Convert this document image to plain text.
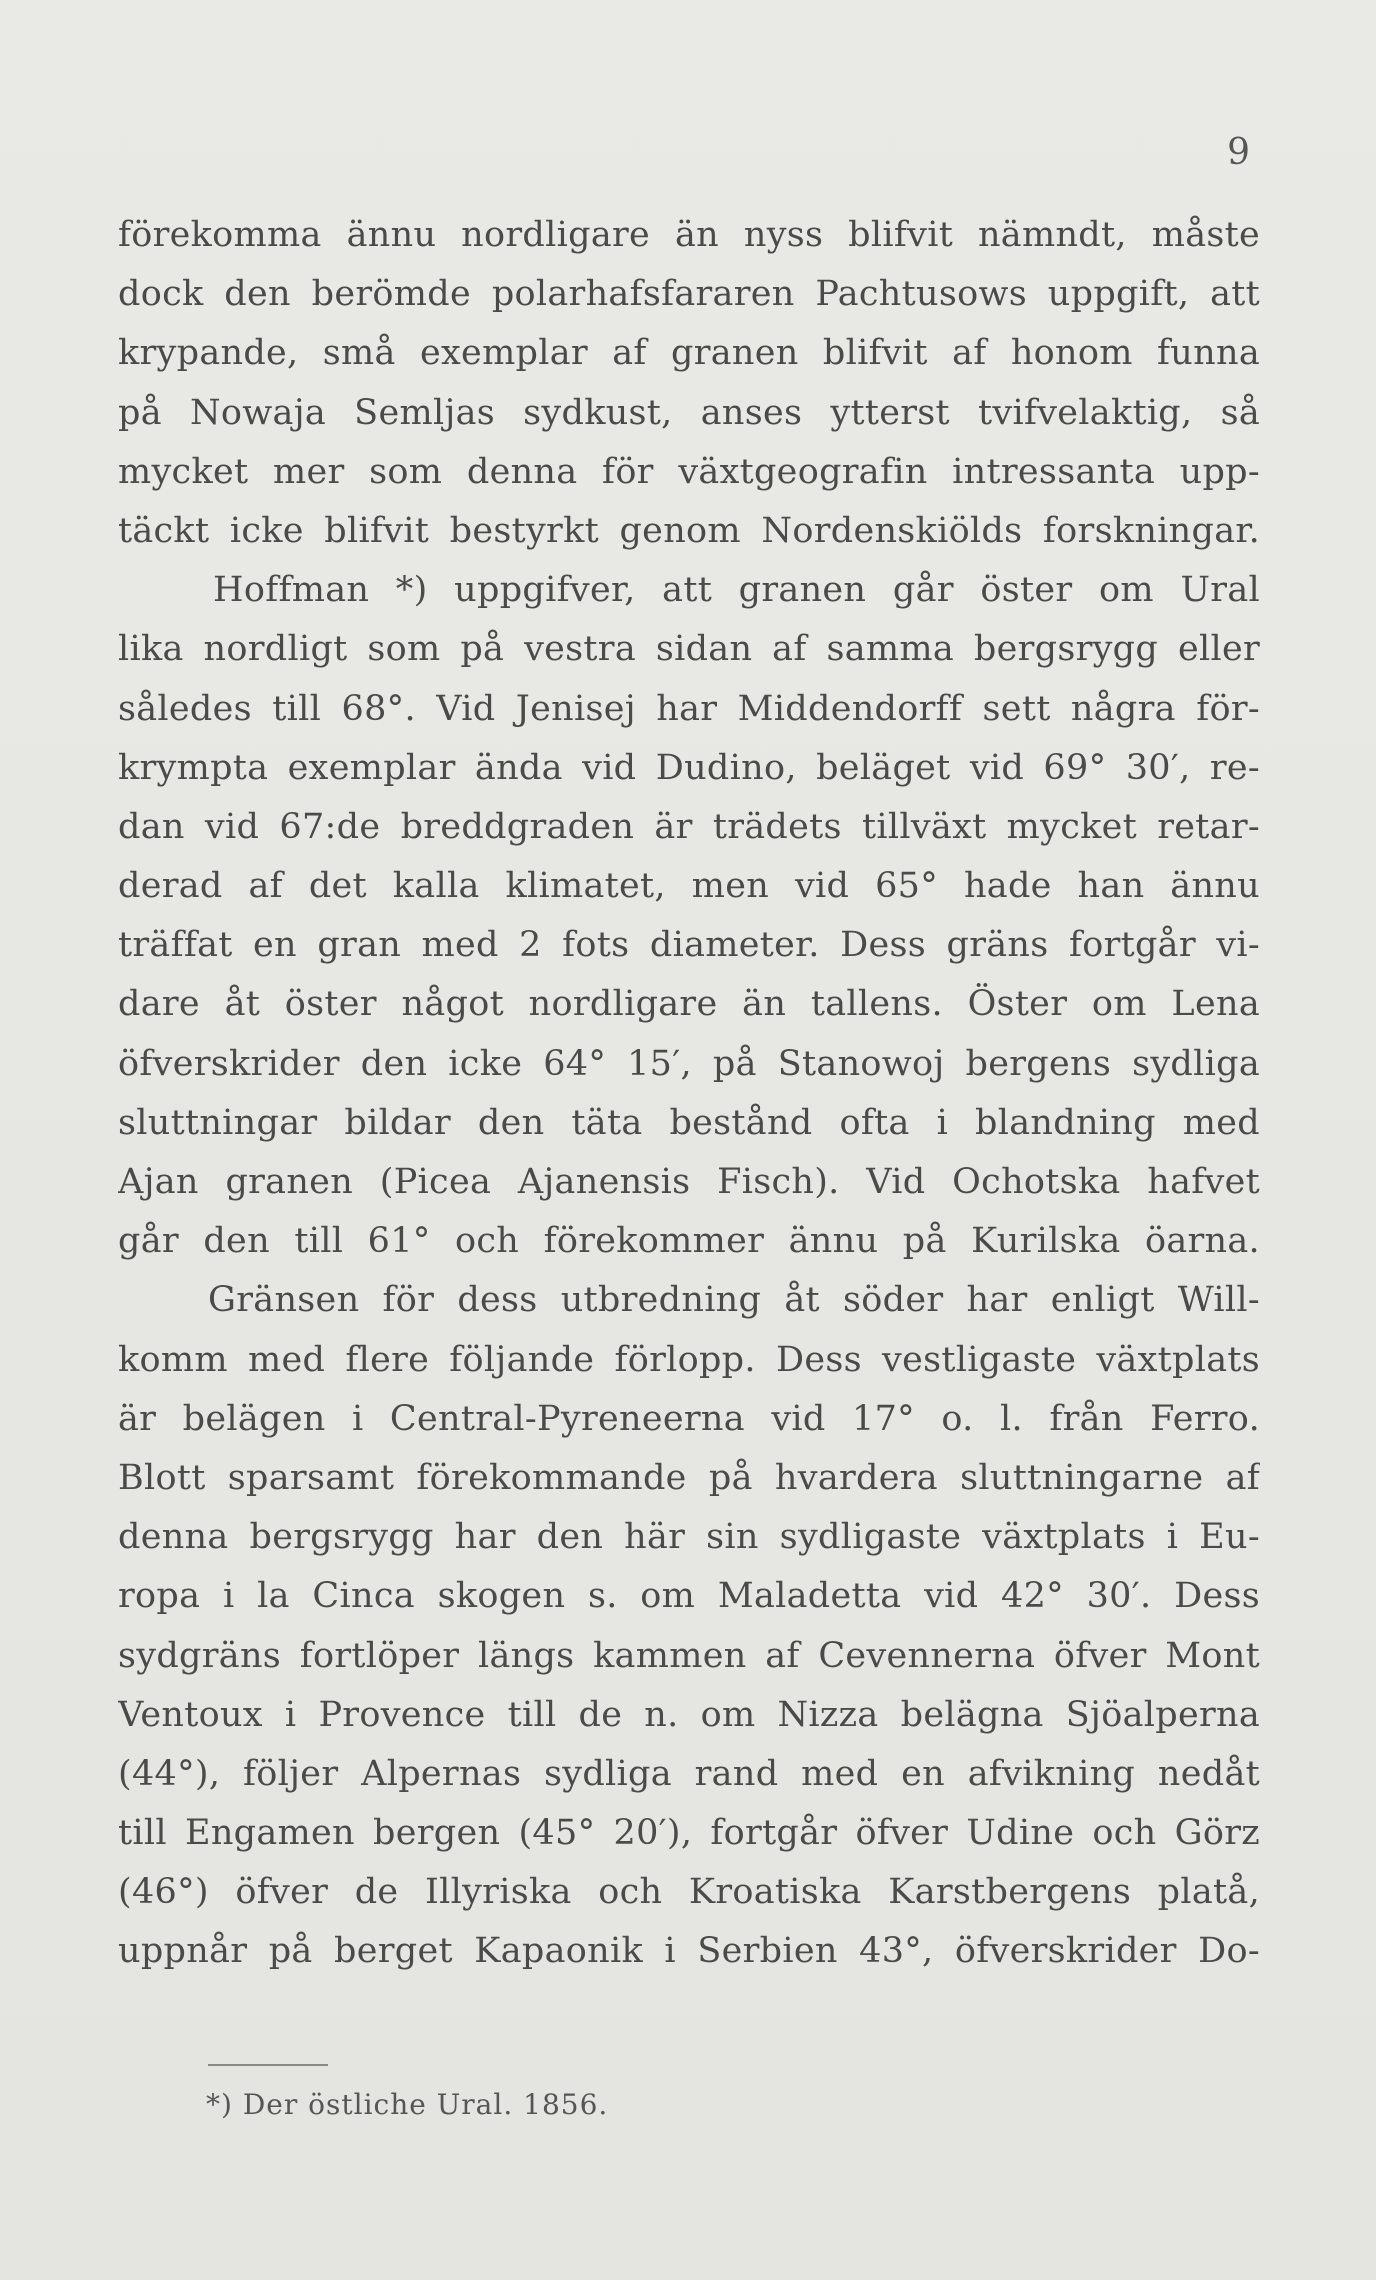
9
förekomma ännu nordligare än nyss blifvit nämndt, måste
dock den berömde polarhafsfararen Pachtusows uppgift, att
krypande, små exemplar af granen blifvit af honom funna
på Nowaja Semljas sydkust, anses ytterst tvifvelaktig, så
mycket mer som denna för växtgeografin intressanta upp-
täckt icke blifvit bestyrkt genom Nordenskiölds forskningar.
Hoffman *) uppgifver, att granen går öster om Ural
lika nordligt som på vestra sidan af samma bergsrygg eller
således till 68°. Vid Jenisej har Middendorff sett några för-
krympta exemplar ända vid Dudino, beläget vid 69° 30′, re-
dan vid 67:de breddgraden är trädets tillväxt mycket retar-
derad af det kalla klimatet, men vid 65° hade han ännu
träffat en gran med 2 fots diameter. Dess gräns fortgår vi-
dare åt öster något nordligare än tallens. Öster om Lena
öfverskrider den icke 64° 15′, på Stanowoj bergens sydliga
sluttningar bildar den täta bestånd ofta i blandning med
Ajan granen (Picea Ajanensis Fisch). Vid Ochotska hafvet
går den till 61° och förekommer ännu på Kurilska öarna.
Gränsen för dess utbredning åt söder har enligt Will-
komm med flere följande förlopp. Dess vestligaste växtplats
är belägen i Central-Pyreneerna vid 17° o. l. från Ferro.
Blott sparsamt förekommande på hvardera sluttningarne af
denna bergsrygg har den här sin sydligaste växtplats i Eu-
ropa i la Cinca skogen s. om Maladetta vid 42° 30′. Dess
sydgräns fortlöper längs kammen af Cevennerna öfver Mont
Ventoux i Provence till de n. om Nizza belägna Sjöalperna
(44°), följer Alpernas sydliga rand med en afvikning nedåt
till Engamen bergen (45° 20′), fortgår öfver Udine och Görz
(46°) öfver de Illyriska och Kroatiska Karstbergens platå,
uppnår på berget Kapaonik i Serbien 43°, öfverskrider Do-
*) Der östliche Ural. 1856.
